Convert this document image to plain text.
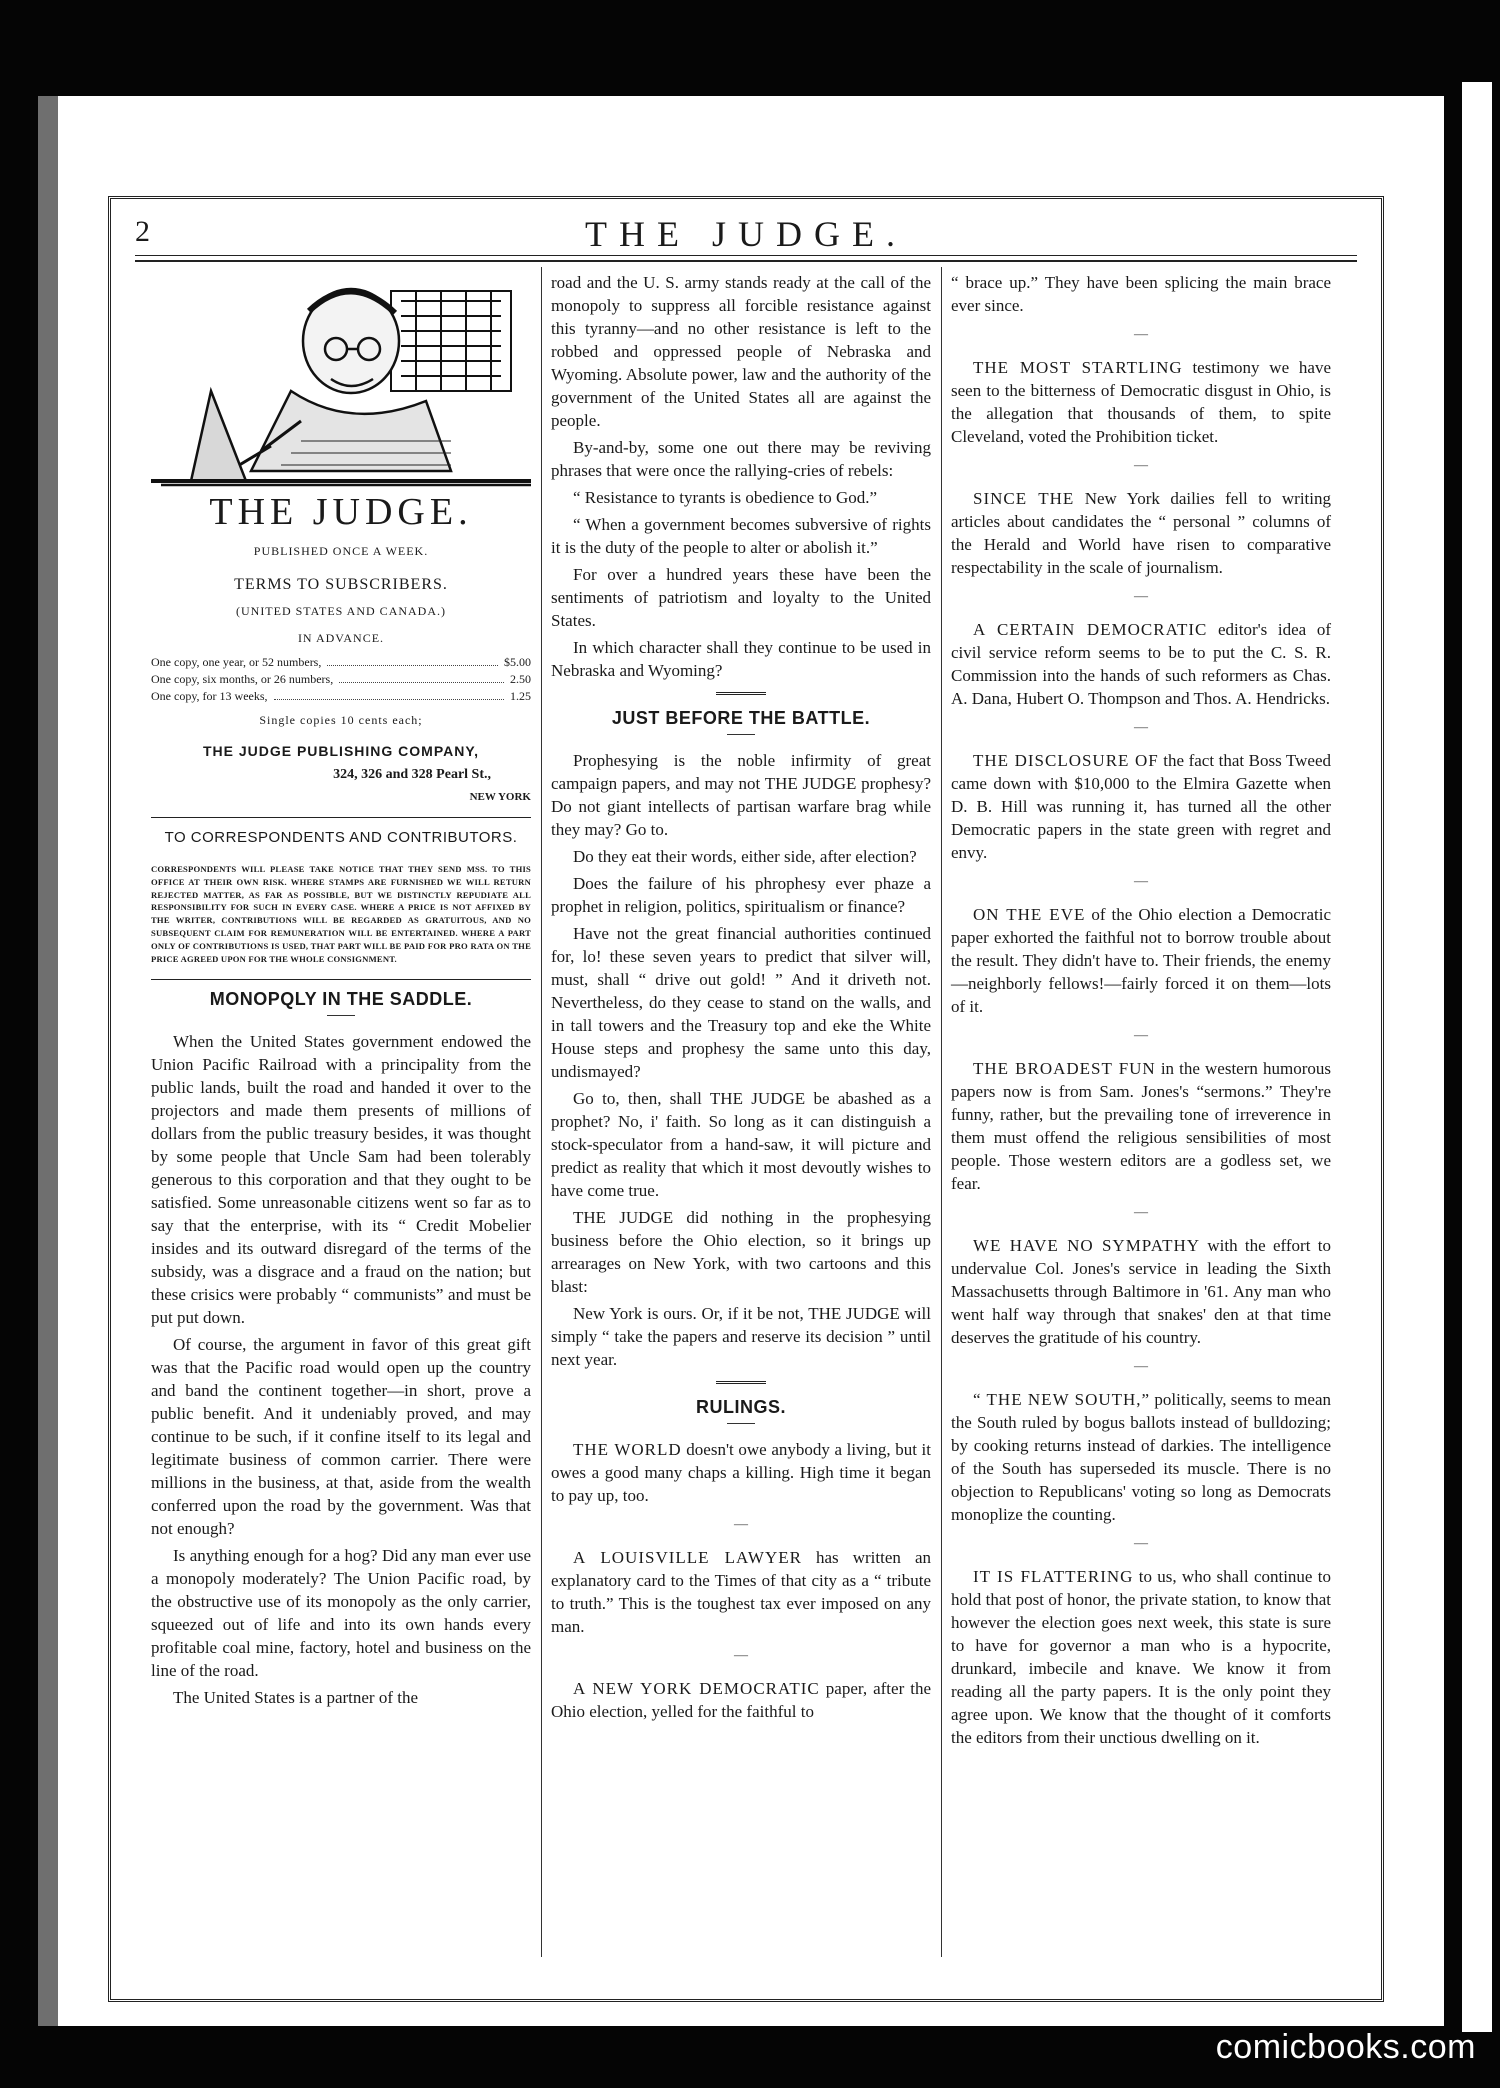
2	THE JUDGE.
THE JUDGE.
PUBLISHED ONCE A WEEK.
TERMS TO SUBSCRIBERS.
(UNITED STATES AND CANADA.)
IN ADVANCE.
One copy, one year, or 52 numbers,	$5.00
One copy, six months, or 26 numbers,	2.50
One copy, for 13 weeks,	1.25
Single copies 10 cents each;
THE JUDGE PUBLISHING COMPANY,
324, 326 and 328 Pearl St.,
NEW YORK
TO CORRESPONDENTS AND CONTRIBUTORS.
CORRESPONDENTS WILL PLEASE TAKE NOTICE THAT THEY SEND MSS. TO THIS OFFICE AT THEIR OWN RISK. WHERE STAMPS ARE FURNISHED WE WILL RETURN REJECTED MATTER, AS FAR AS POSSIBLE, BUT WE DISTINCTLY REPUDIATE ALL RESPONSIBILITY FOR SUCH IN EVERY CASE. WHERE A PRICE IS NOT AFFIXED BY THE WRITER, CONTRIBUTIONS WILL BE REGARDED AS GRATUITOUS, AND NO SUBSEQUENT CLAIM FOR REMUNERATION WILL BE ENTERTAINED. WHERE A PART ONLY OF CONTRIBUTIONS IS USED, THAT PART WILL BE PAID FOR PRO RATA ON THE PRICE AGREED UPON FOR THE WHOLE CONSIGNMENT.
MONOPQLY IN THE SADDLE.

When the United States government endowed the Union Pacific Railroad with a principality from the public lands, built the road and handed it over to the projectors and made them presents of millions of dollars from the public treasury besides, it was thought by some people that Uncle Sam had been tolerably generous to this corporation and that they ought to be satisfied. Some unreasonable citizens went so far as to say that the enterprise, with its “ Credit Mobelier insides and its outward disregard of the terms of the subsidy, was a disgrace and a fraud on the nation; but these crisics were probably “ communists” and must be put put down.

Of course, the argument in favor of this great gift was that the Pacific road would open up the country and band the continent together—in short, prove a public benefit. And it undeniably proved, and may continue to be such, if it confine itself to its legal and legitimate business of common carrier. There were millions in the business, at that, aside from the wealth conferred upon the road by the government. Was that not enough?

Is anything enough for a hog? Did any man ever use a monopoly moderately? The Union Pacific road, by the obstructive use of its monopoly as the only carrier, squeezed out of life and into its own hands every profitable coal mine, factory, hotel and business on the line of the road.

The United States is a partner of the

road and the U. S. army stands ready at the call of the monopoly to suppress all forcible resistance against this tyranny—and no other resistance is left to the robbed and oppressed people of Nebraska and Wyoming. Absolute power, law and the authority of the government of the United States all are against the people.

By-and-by, some one out there may be reviving phrases that were once the rallying-cries of rebels:

“ Resistance to tyrants is obedience to God.”

“ When a government becomes subversive of rights it is the duty of the people to alter or abolish it.”

For over a hundred years these have been the sentiments of patriotism and loyalty to the United States.

In which character shall they continue to be used in Nebraska and Wyoming?

JUST BEFORE THE BATTLE.

Prophesying is the noble infirmity of great campaign papers, and may not THE JUDGE prophesy? Do not giant intellects of partisan warfare brag while they may? Go to.

Do they eat their words, either side, after election?

Does the failure of his phrophesy ever phaze a prophet in religion, politics, spiritualism or finance?

Have not the great financial authorities continued for, lo! these seven years to predict that silver will, must, shall “ drive out gold! ” And it driveth not. Nevertheless, do they cease to stand on the walls, and in tall towers and the Treasury top and eke the White House steps and prophesy the same unto this day, undismayed?

Go to, then, shall THE JUDGE be abashed as a prophet? No, i' faith. So long as it can distinguish a stock-speculator from a hand-saw, it will picture and predict as reality that which it most devoutly wishes to have come true.

THE JUDGE did nothing in the prophesying business before the Ohio election, so it brings up arrearages on New York, with two cartoons and this blast:

New York is ours. Or, if it be not, THE JUDGE will simply “ take the papers and reserve its decision ” until next year.

RULINGS.

THE WORLD doesn't owe anybody a living, but it owes a good many chaps a killing. High time it began to pay up, too.

—

A LOUISVILLE LAWYER has written an explanatory card to the Times of that city as a “ tribute to truth.” This is the toughest tax ever imposed on any man.

—

A NEW YORK DEMOCRATIC paper, after the Ohio election, yelled for the faithful to

“ brace up.” They have been splicing the main brace ever since.

—

THE MOST STARTLING testimony we have seen to the bitterness of Democratic disgust in Ohio, is the allegation that thousands of them, to spite Cleveland, voted the Prohibition ticket.

—

SINCE THE New York dailies fell to writing articles about candidates the “ personal ” columns of the Herald and World have risen to comparative respectability in the scale of journalism.

—

A CERTAIN DEMOCRATIC editor's idea of civil service reform seems to be to put the C. S. R. Commission into the hands of such reformers as Chas. A. Dana, Hubert O. Thompson and Thos. A. Hendricks.

—

THE DISCLOSURE OF the fact that Boss Tweed came down with $10,000 to the Elmira Gazette when D. B. Hill was running it, has turned all the other Democratic papers in the state green with regret and envy.

—

ON THE EVE of the Ohio election a Democratic paper exhorted the faithful not to borrow trouble about the result. They didn't have to. Their friends, the enemy—neighborly fellows!—fairly forced it on them—lots of it.

—

THE BROADEST FUN in the western humorous papers now is from Sam. Jones's “sermons.” They're funny, rather, but the prevailing tone of irreverence in them must offend the religious sensibilities of most people. Those western editors are a godless set, we fear.

—

WE HAVE NO SYMPATHY with the effort to undervalue Col. Jones's service in leading the Sixth Massachusetts through Baltimore in '61. Any man who went half way through that snakes' den at that time deserves the gratitude of his country.

—

“ THE NEW SOUTH,” politically, seems to mean the South ruled by bogus ballots instead of bulldozing; by cooking returns instead of darkies. The intelligence of the South has superseded its muscle. There is no objection to Republicans' voting so long as Democrats monoplize the counting.

—

IT IS FLATTERING to us, who shall continue to hold that post of honor, the private station, to know that however the election goes next week, this state is sure to have for governor a man who is a hypocrite, drunkard, imbecile and knave. We know it from reading all the party papers. It is the only point they agree upon. We know that the thought of it comforts the editors from their unctious dwelling on it.

comicbooks.com
